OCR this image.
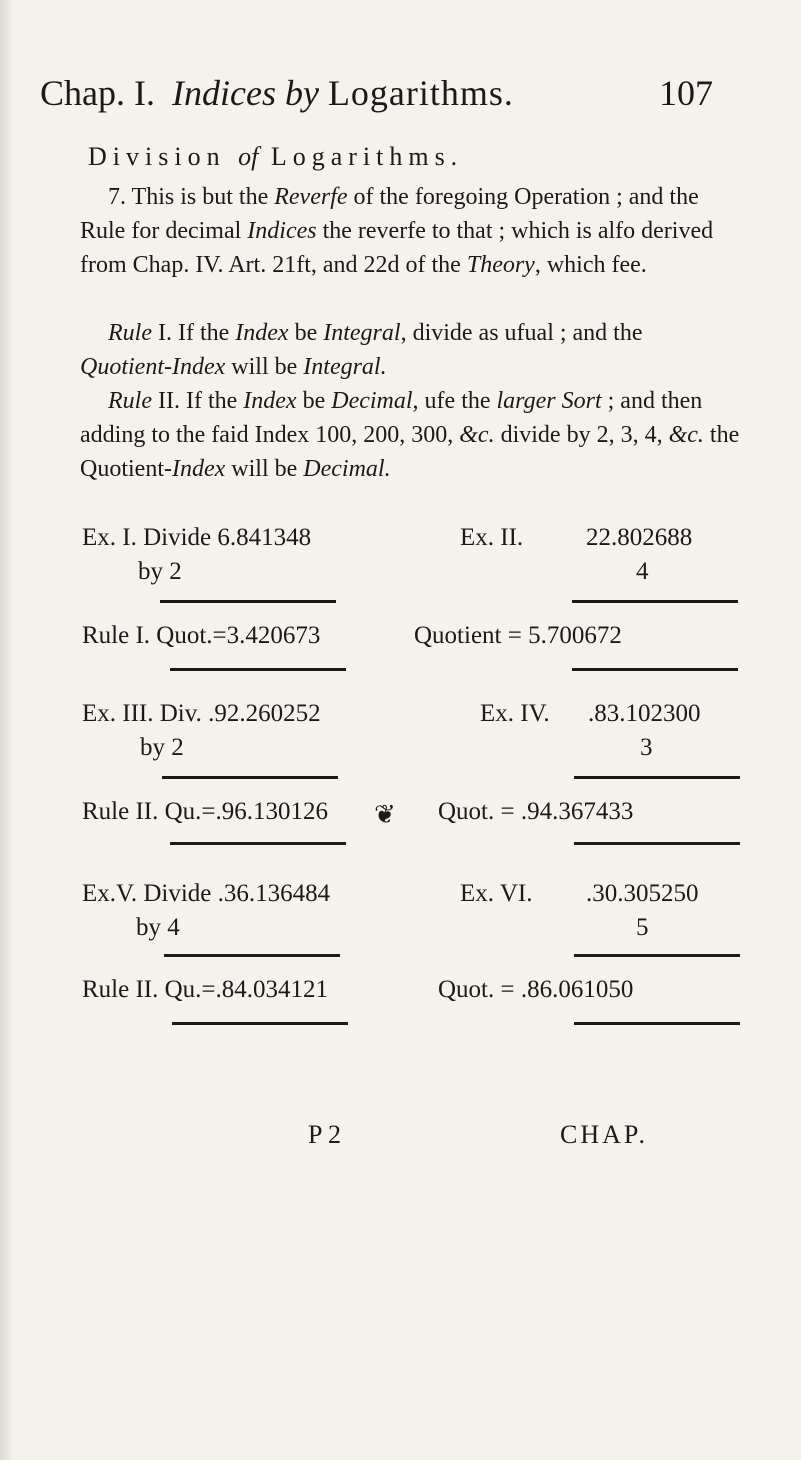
Chap. I. Indices by Logarithms.	107
Division of Logarithms.
7. This is but the Reverfe of the foregoing Operation ; and the Rule for decimal Indices the reverfe to that ; which is alfo derived from Chap. IV. Art. 21ft, and 22d of the Theory, which fee.
Rule I. If the Index be Integral, divide as ufual ; and the Quotient-Index will be Integral.
Rule II. If the Index be Decimal, ufe the larger Sort ; and then adding to the faid Index 100, 200, 300, &c. divide by 2, 3, 4, &c. the Quotient-Index will be Decimal.
Ex. I. Divide 6.841348	Ex. II.	22.802688
by 2	4
Rule I. Quot.=3.420673	Quotient = 5.700672
Ex. III. Div. .92.260252	Ex. IV. .83.102300
by 2	3
Rule II. Qu.=.96.130126	Quot. = .94.367433
Ex.V. Divide .36.136484	Ex. VI. .30.305250
by 4	5
Rule II. Qu.=.84.034121	Quot. = .86.061050
❦
P 2	CHAP.
